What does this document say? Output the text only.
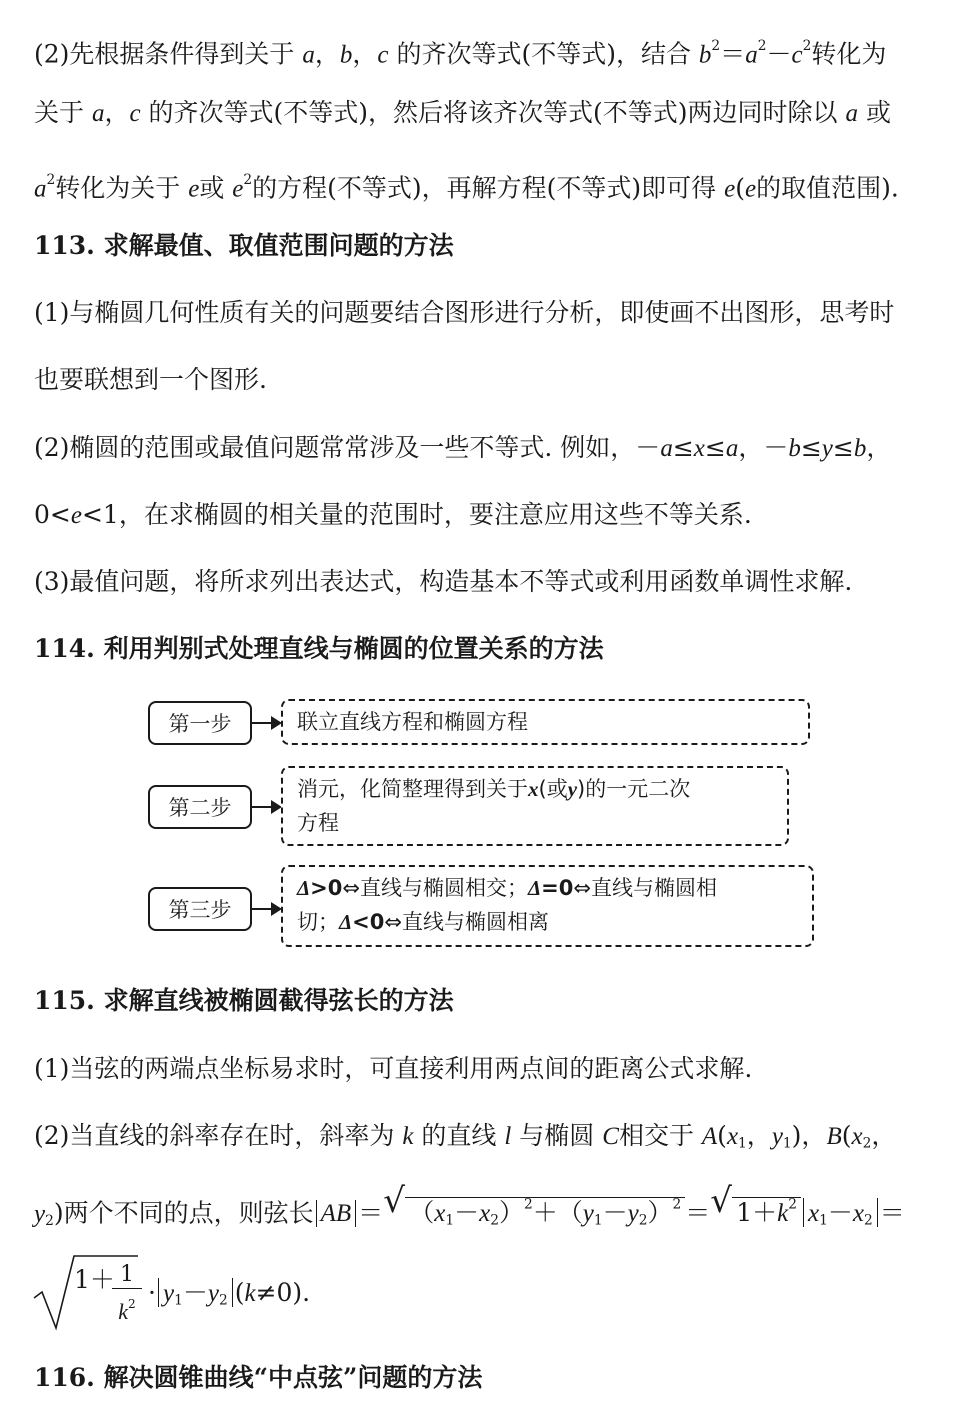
(2)先根据条件得到关于 a，b，c 的齐次等式(不等式)，结合 $b^2=a^2-c^2$转化为
关于 a，c 的齐次等式(不等式)，然后将该齐次等式(不等式)两边同时除以 a 或
$a^2$转化为关于 e或 $e^2$的方程(不等式)，再解方程(不等式)即可得 e(e的取值范围).
113. 求解最值、取值范围问题的方法
(1)与椭圆几何性质有关的问题要结合图形进行分析，即使画不出图形，思考时
也要联想到一个图形.
(2)椭圆的范围或最值问题常常涉及一些不等式. 例如，－a≤x≤a，－b≤y≤b，
0<e<1，在求椭圆的相关量的范围时，要注意应用这些不等关系.
(3)最值问题，将所求列出表达式，构造基本不等式或利用函数单调性求解.
114. 利用判别式处理直线与椭圆的位置关系的方法
第一步	联立直线方程和椭圆方程
第二步
消元，化简整理得到关于x(或y)的一元二次
方程
第三步
Δ>0⇔直线与椭圆相交；Δ=0⇔直线与椭圆相
切；Δ<0⇔直线与椭圆相离
115. 求解直线被椭圆截得弦长的方法
(1)当弦的两端点坐标易求时，可直接利用两点间的距离公式求解.
(2)当直线的斜率存在时，斜率为 k 的直线 l 与椭圆 C相交于 $A(x_1$，$y_1$)，$B(x_2$，
$y_2$)两个不同的点，则弦长 AB ＝ √ $(x_1-x_2)^2+(y_1-y_2)^2$ ＝ √ $1+k^2$ $x_1-x_2$ ＝
1＋
$\frac{1}{k^2} \cdot y_1-y_2$ (k≠0).
116. 解决圆锥曲线“中点弦”问题的方法
